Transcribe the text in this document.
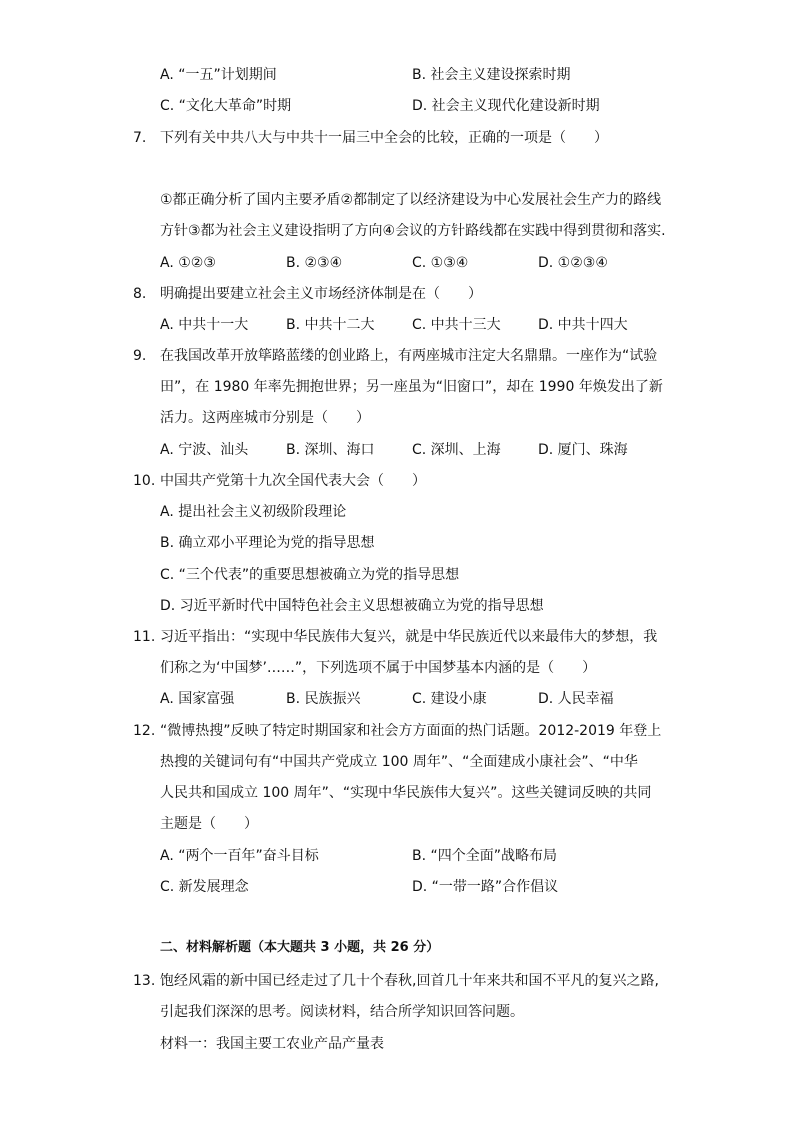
A. “一五”计划期间	B. 社会主义建设探索时期
C. “文化大革命”时期	D. 社会主义现代化建设新时期
7. 下列有关中共八大与中共十一届三中全会的比较，正确的一项是（　　）
①都正确分析了国内主要矛盾②都制定了以经济建设为中心发展社会生产力的路线
方针③都为社会主义建设指明了方向④会议的方针路线都在实践中得到贯彻和落实.
A. ①②③	B. ②③④	C. ①③④	D. ①②③④
8. 明确提出要建立社会主义市场经济体制是在（　　）
A. 中共十一大	B. 中共十二大	C. 中共十三大	D. 中共十四大
9. 在我国改革开放筚路蓝缕的创业路上，有两座城市注定大名鼎鼎。一座作为“试验
田”，在 1980 年率先拥抱世界；另一座虽为“旧窗口”，却在 1990 年焕发出了新
活力。这两座城市分别是（　　）
A. 宁波、汕头	B. 深圳、海口	C. 深圳、上海	D. 厦门、珠海
10. 中国共产党第十九次全国代表大会（　　）
A. 提出社会主义初级阶段理论
B. 确立邓小平理论为党的指导思想
C. “三个代表”的重要思想被确立为党的指导思想
D. 习近平新时代中国特色社会主义思想被确立为党的指导思想
11. 习近平指出：“实现中华民族伟大复兴，就是中华民族近代以来最伟大的梦想，我
们称之为‘中国梦’……”，下列选项不属于中国梦基本内涵的是（　　）
A. 国家富强	B. 民族振兴	C. 建设小康	D. 人民幸福
12. “微博热搜”反映了特定时期国家和社会方方面面的热门话题。2012-2019 年登上
热搜的关键词句有“中国共产党成立 100 周年”、“全面建成小康社会”、“中华
人民共和国成立 100 周年”、“实现中华民族伟大复兴”。这些关键词反映的共同
主题是（　　）
A. “两个一百年”奋斗目标	B. “四个全面”战略布局
C. 新发展理念	D. “一带一路”合作倡议
二、材料解析题（本大题共 3 小题，共 26 分）
13. 饱经风霜的新中国已经走过了几十个春秋,回首几十年来共和国不平凡的复兴之路,
引起我们深深的思考。阅读材料，结合所学知识回答问题。
材料一：我国主要工农业产品产量表
